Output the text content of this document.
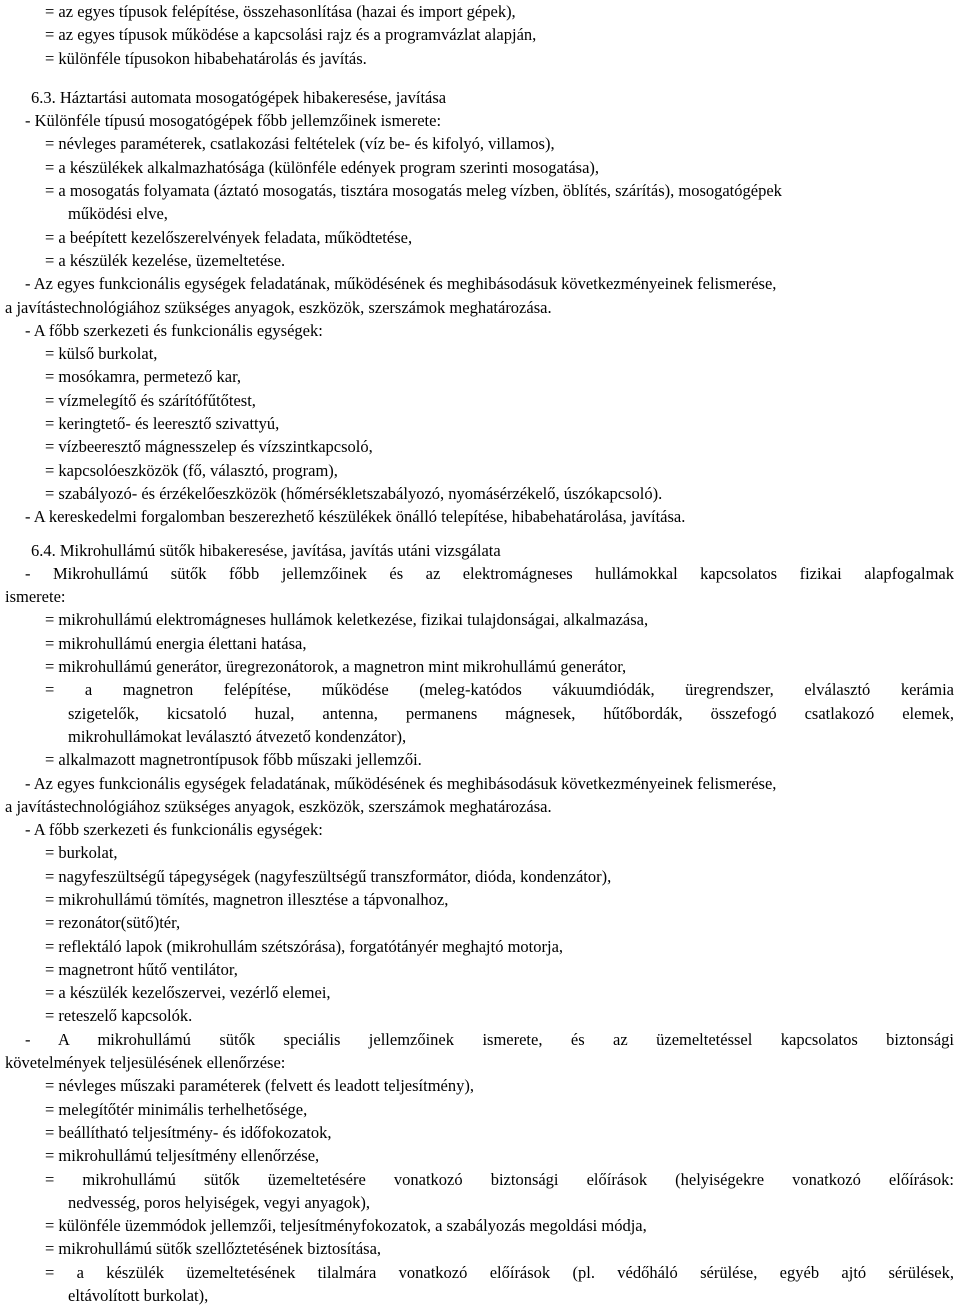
= az egyes típusok felépítése, összehasonlítása (hazai és import gépek),
= az egyes típusok működése a kapcsolási rajz és a programvázlat alapján,
= különféle típusokon hibabehatárolás és javítás.
6.3. Háztartási automata mosogatógépek hibakeresése, javítása
- Különféle típusú mosogatógépek főbb jellemzőinek ismerete:
= névleges paraméterek, csatlakozási feltételek (víz be- és kifolyó, villamos),
= a készülékek alkalmazhatósága (különféle edények program szerinti mosogatása),
= a mosogatás folyamata (áztató mosogatás, tisztára mosogatás meleg vízben, öblítés, szárítás), mosogatógépek
működési elve,
= a beépített kezelőszerelvények feladata, működtetése,
= a készülék kezelése, üzemeltetése.
- Az egyes funkcionális egységek feladatának, működésének és meghibásodásuk következményeinek felismerése,
a javítástechnológiához szükséges anyagok, eszközök, szerszámok meghatározása.
- A főbb szerkezeti és funkcionális egységek:
= külső burkolat,
= mosókamra, permetező kar,
= vízmelegítő és szárítófűtőtest,
= keringtető- és leeresztő szivattyú,
= vízbeeresztő mágnesszelep és vízszintkapcsoló,
= kapcsolóeszközök (fő, választó, program),
= szabályozó- és érzékelőeszközök (hőmérsékletszabályozó, nyomásérzékelő, úszókapcsoló).
- A kereskedelmi forgalomban beszerezhető készülékek önálló telepítése, hibabehatárolása, javítása.
6.4. Mikrohullámú sütők hibakeresése, javítása, javítás utáni vizsgálata
- Mikrohullámú sütők főbb jellemzőinek és az elektromágneses hullámokkal kapcsolatos fizikai alapfogalmak
ismerete:
= mikrohullámú elektromágneses hullámok keletkezése, fizikai tulajdonságai, alkalmazása,
= mikrohullámú energia élettani hatása,
= mikrohullámú generátor, üregrezonátorok, a magnetron mint mikrohullámú generátor,
= a magnetron felépítése, működése (meleg-katódos vákuumdiódák, üregrendszer, elválasztó kerámia
szigetelők, kicsatoló huzal, antenna, permanens mágnesek, hűtőbordák, összefogó csatlakozó elemek,
mikrohullámokat leválasztó átvezető kondenzátor),
= alkalmazott magnetrontípusok főbb műszaki jellemzői.
- Az egyes funkcionális egységek feladatának, működésének és meghibásodásuk következményeinek felismerése,
a javítástechnológiához szükséges anyagok, eszközök, szerszámok meghatározása.
- A főbb szerkezeti és funkcionális egységek:
= burkolat,
= nagyfeszültségű tápegységek (nagyfeszültségű transzformátor, dióda, kondenzátor),
= mikrohullámú tömítés, magnetron illesztése a tápvonalhoz,
= rezonátor(sütő)tér,
= reflektáló lapok (mikrohullám szétszórása), forgatótányér meghajtó motorja,
= magnetront hűtő ventilátor,
= a készülék kezelőszervei, vezérlő elemei,
= reteszelő kapcsolók.
- A mikrohullámú sütők speciális jellemzőinek ismerete, és az üzemeltetéssel kapcsolatos biztonsági
követelmények teljesülésének ellenőrzése:
= névleges műszaki paraméterek (felvett és leadott teljesítmény),
= melegítőtér minimális terhelhetősége,
= beállítható teljesítmény- és időfokozatok,
= mikrohullámú teljesítmény ellenőrzése,
= mikrohullámú sütők üzemeltetésére vonatkozó biztonsági előírások (helyiségekre vonatkozó előírások:
nedvesség, poros helyiségek, vegyi anyagok),
= különféle üzemmódok jellemzői, teljesítményfokozatok, a szabályozás megoldási módja,
= mikrohullámú sütők szellőztetésének biztosítása,
= a készülék üzemeltetésének tilalmára vonatkozó előírások (pl. védőháló sérülése, egyéb ajtó sérülések,
eltávolított burkolat),
